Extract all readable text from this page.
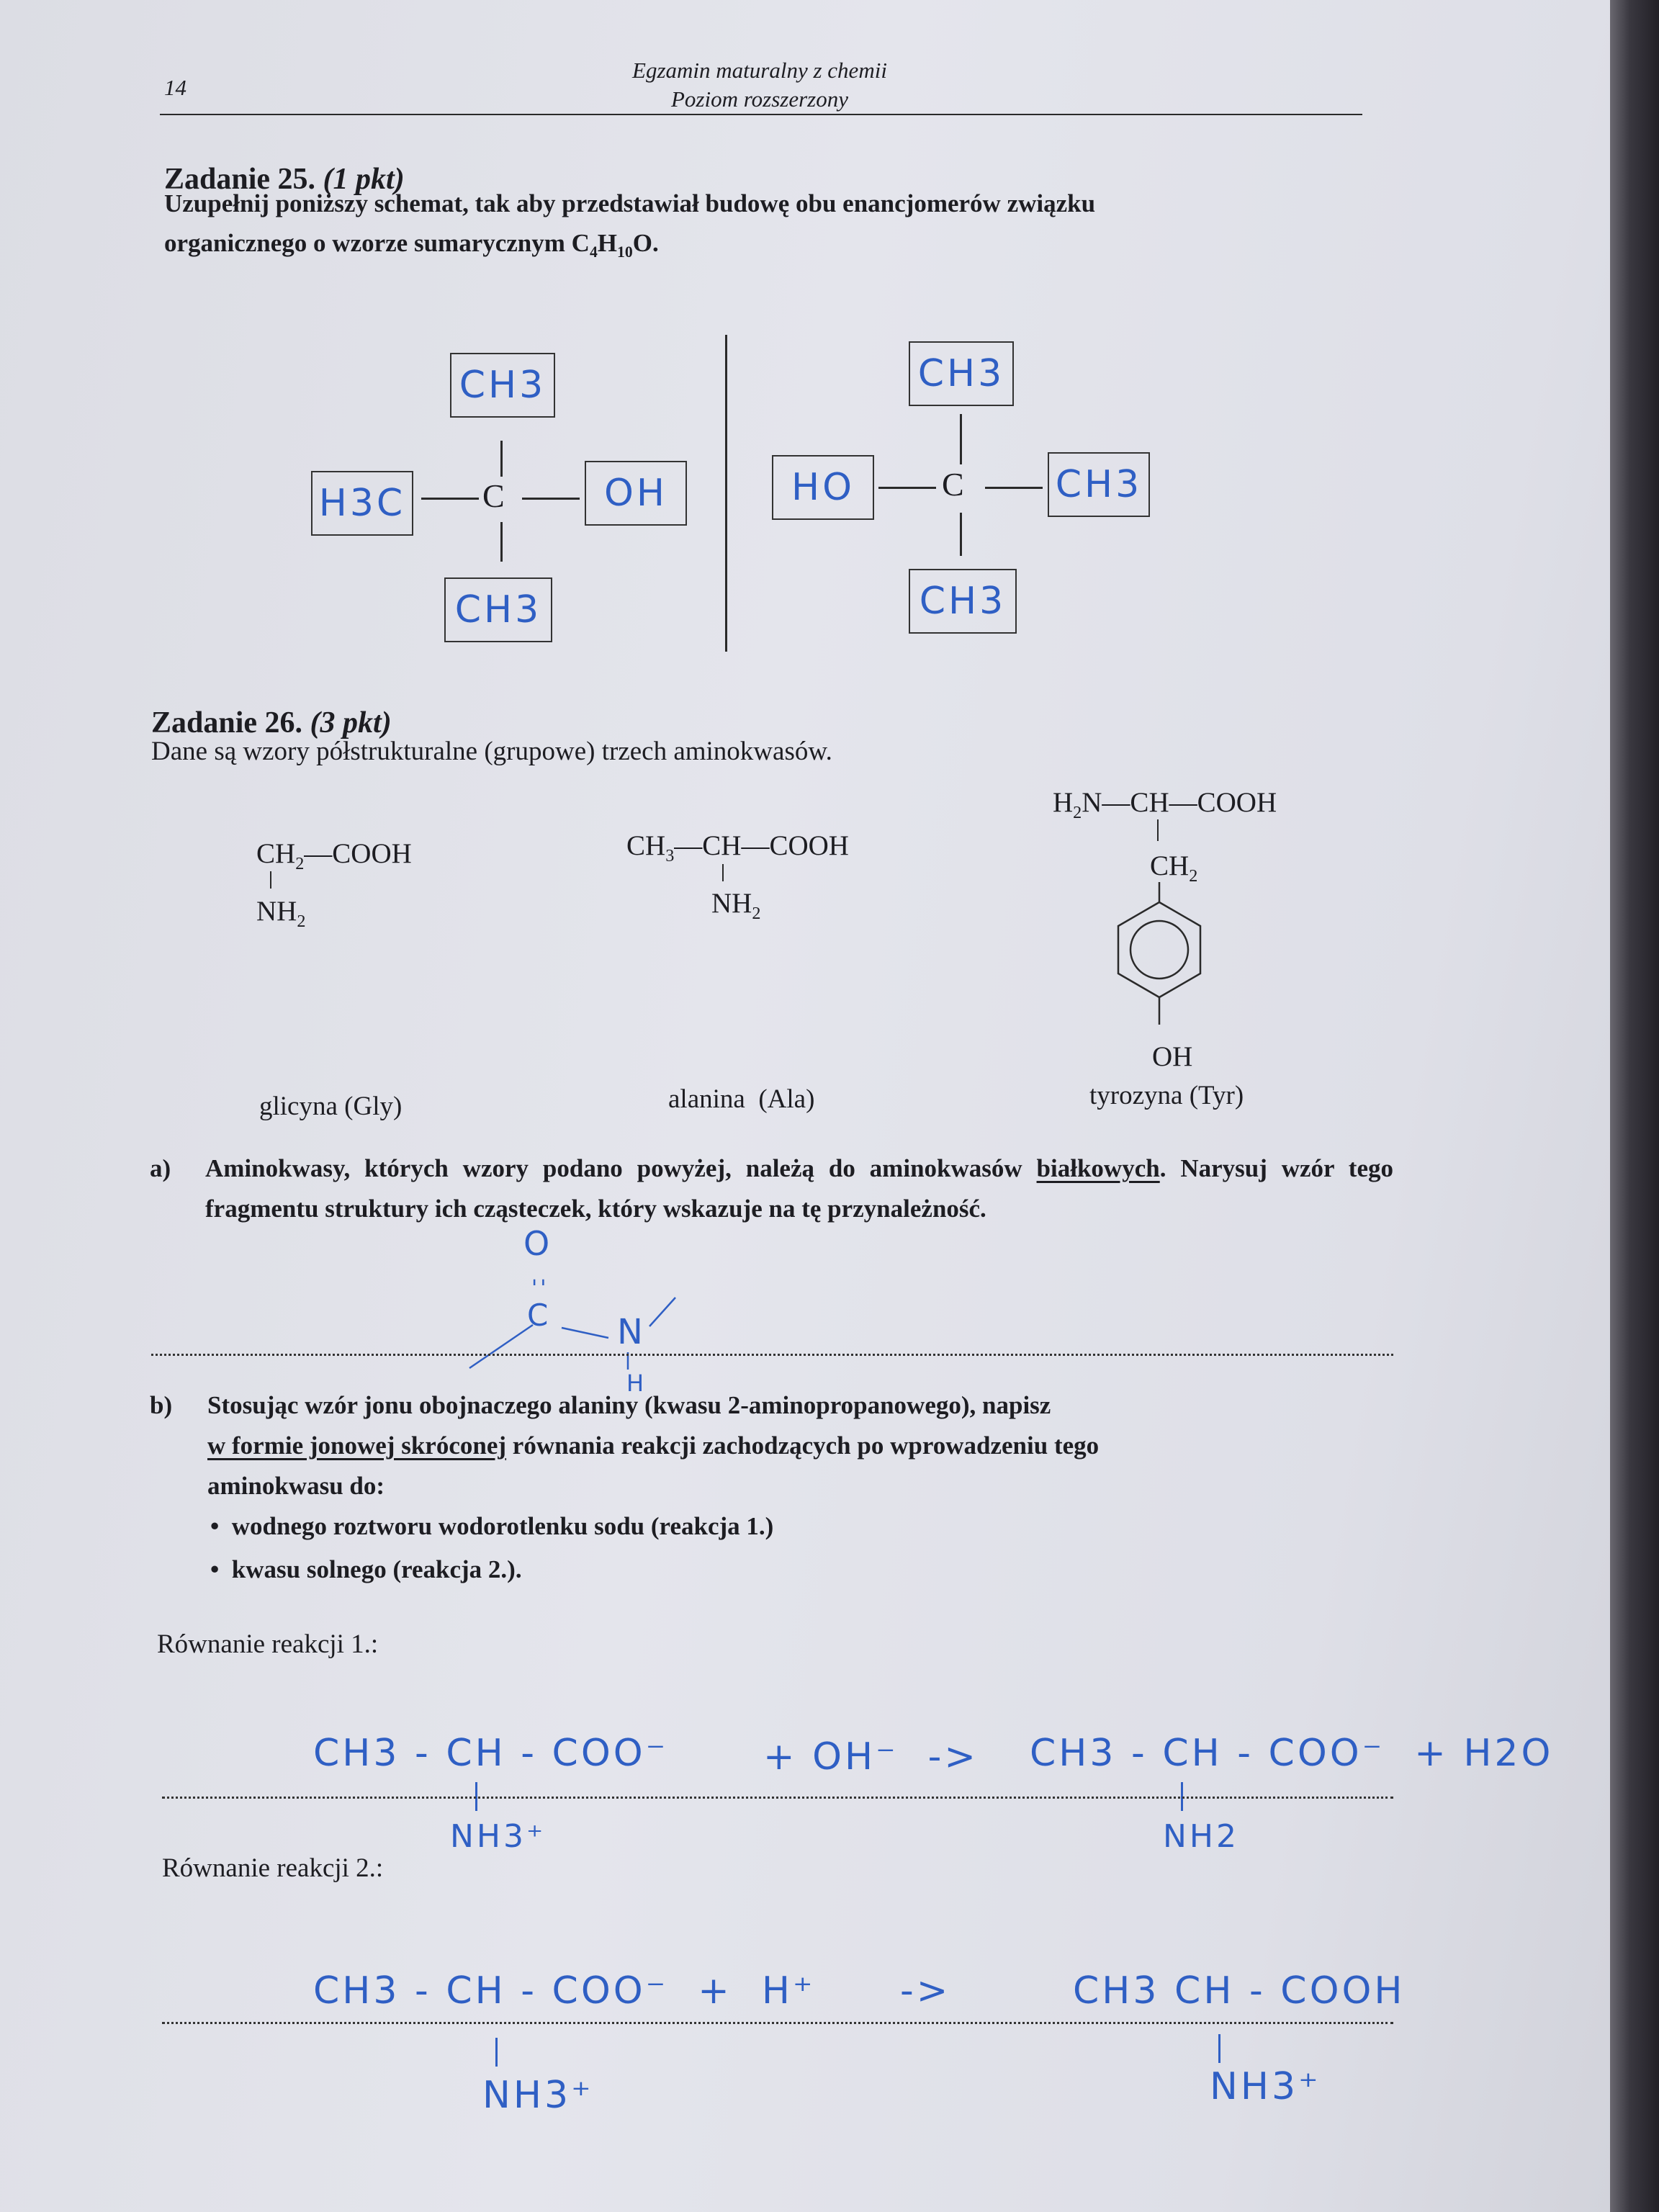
14
Egzamin maturalny z chemii
Poziom rozszerzony
Zadanie 25. (1 pkt)
Uzupełnij poniższy schemat, tak aby przedstawiał budowę obu enancjomerów związku
organicznego o wzorze sumarycznym $C_4H_{10}O$.
CH3
H3C	OH
CH3
C
CH3
HO	CH3
CH3
C
Zadanie 26. (3 pkt)
Dane są wzory półstrukturalne (grupowe) trzech aminokwasów.
$CH_2—COOH$
$NH_2$
$CH_3—CH—COOH$
$NH_2$
$H_2N—CH—COOH$
$CH_2$
OH
glicyna (Gly)	alanina  (Ala)	tyrozyna (Tyr)
a) Aminokwasy, których wzory podano powyżej, należą do aminokwasów białkowych. Narysuj wzór tego fragmentu struktury ich cząsteczek, który wskazuje na tę przynależność.
O
''
C N
H
b) Stosując wzór jonu obojnaczego alaniny (kwasu 2-aminopropanowego), napisz
w formie jonowej skróconej równania reakcji zachodzących po wprowadzeniu tego
aminokwasu do:
•  wodnego roztworu wodorotlenku sodu (reakcja 1.)
•  kwasu solnego (reakcja 2.).
Równanie reakcji 1.:
CH3 - CH - COO⁻
NH3⁺
+ OH⁻  -> CH3 - CH - COO⁻  + H2O
NH2
Równanie reakcji 2.:
CH3 - CH - COO⁻  +  H⁺ ->	CH3 CH - COOH
NH3⁺	NH3⁺
